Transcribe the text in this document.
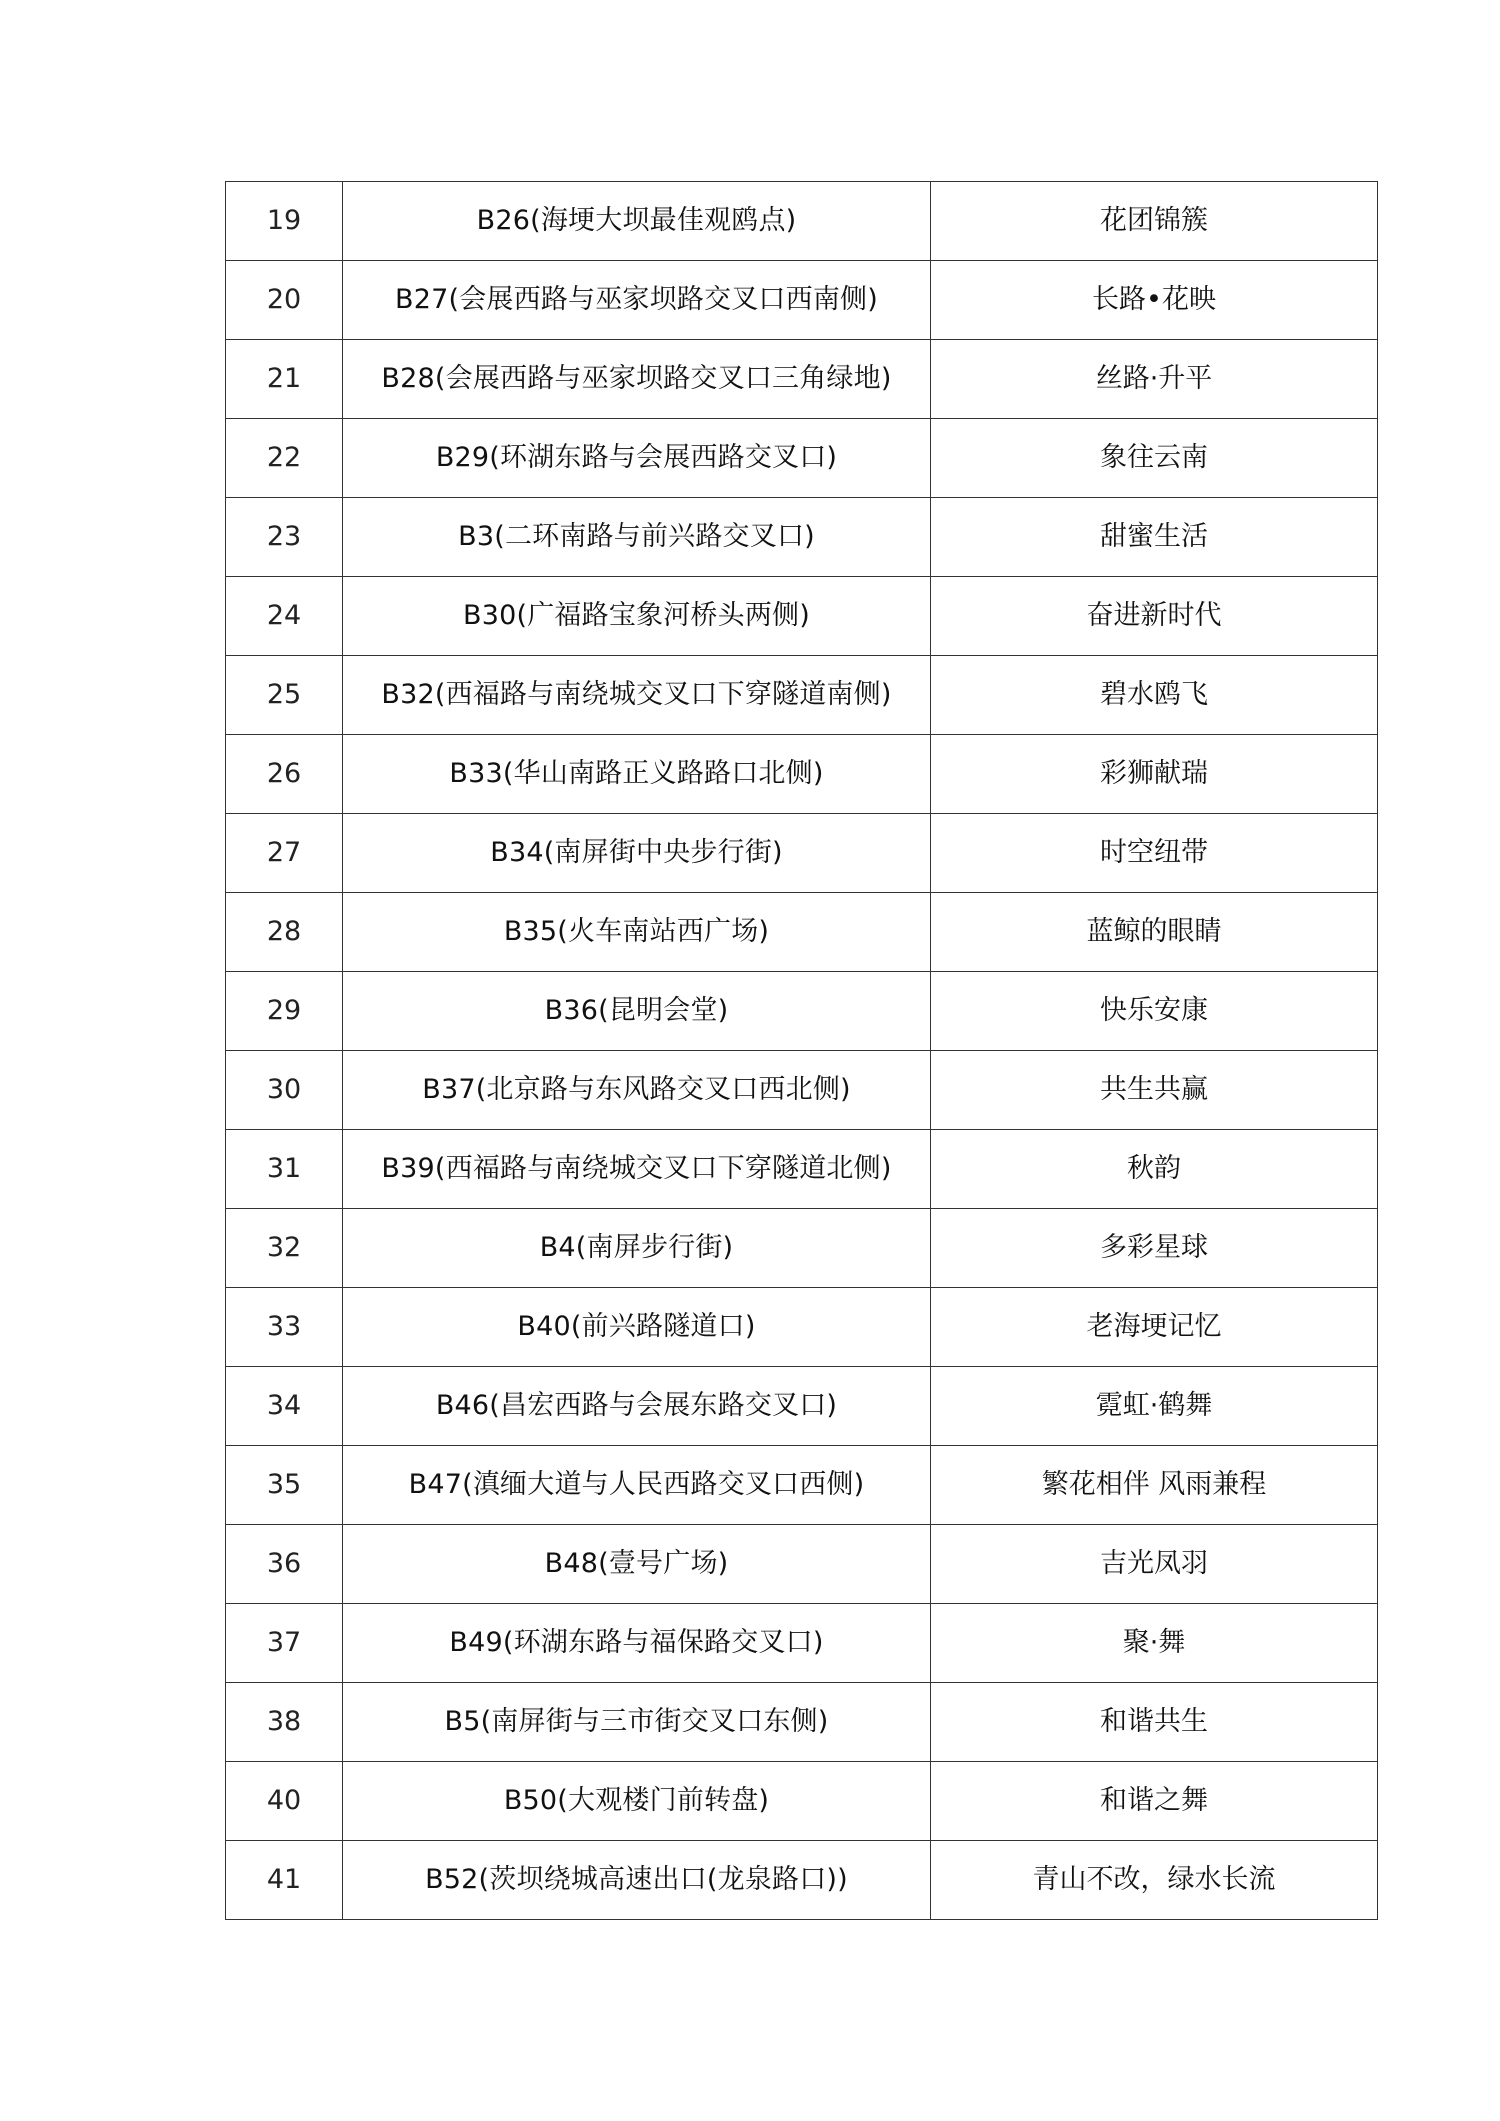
19	B26(海埂大坝最佳观鸥点)	花团锦簇
20	B27(会展西路与巫家坝路交叉口西南侧)	长路•花映
21	B28(会展西路与巫家坝路交叉口三角绿地)	丝路·升平
22	B29(环湖东路与会展西路交叉口)	象往云南
23	B3(二环南路与前兴路交叉口)	甜蜜生活
24	B30(广福路宝象河桥头两侧)	奋进新时代
25	B32(西福路与南绕城交叉口下穿隧道南侧)	碧水鸥飞
26	B33(华山南路正义路路口北侧)	彩狮献瑞
27	B34(南屏街中央步行街)	时空纽带
28	B35(火车南站西广场)	蓝鲸的眼睛
29	B36(昆明会堂)	快乐安康
30	B37(北京路与东风路交叉口西北侧)	共生共赢
31	B39(西福路与南绕城交叉口下穿隧道北侧)	秋韵
32	B4(南屏步行街)	多彩星球
33	B40(前兴路隧道口)	老海埂记忆
34	B46(昌宏西路与会展东路交叉口)	霓虹·鹤舞
35	B47(滇缅大道与人民西路交叉口西侧)	繁花相伴 风雨兼程
36	B48(壹号广场)	吉光凤羽
37	B49(环湖东路与福保路交叉口)	聚·舞
38	B5(南屏街与三市街交叉口东侧)	和谐共生
40	B50(大观楼门前转盘)	和谐之舞
41	B52(茨坝绕城高速出口(龙泉路口))	青山不改，绿水长流
